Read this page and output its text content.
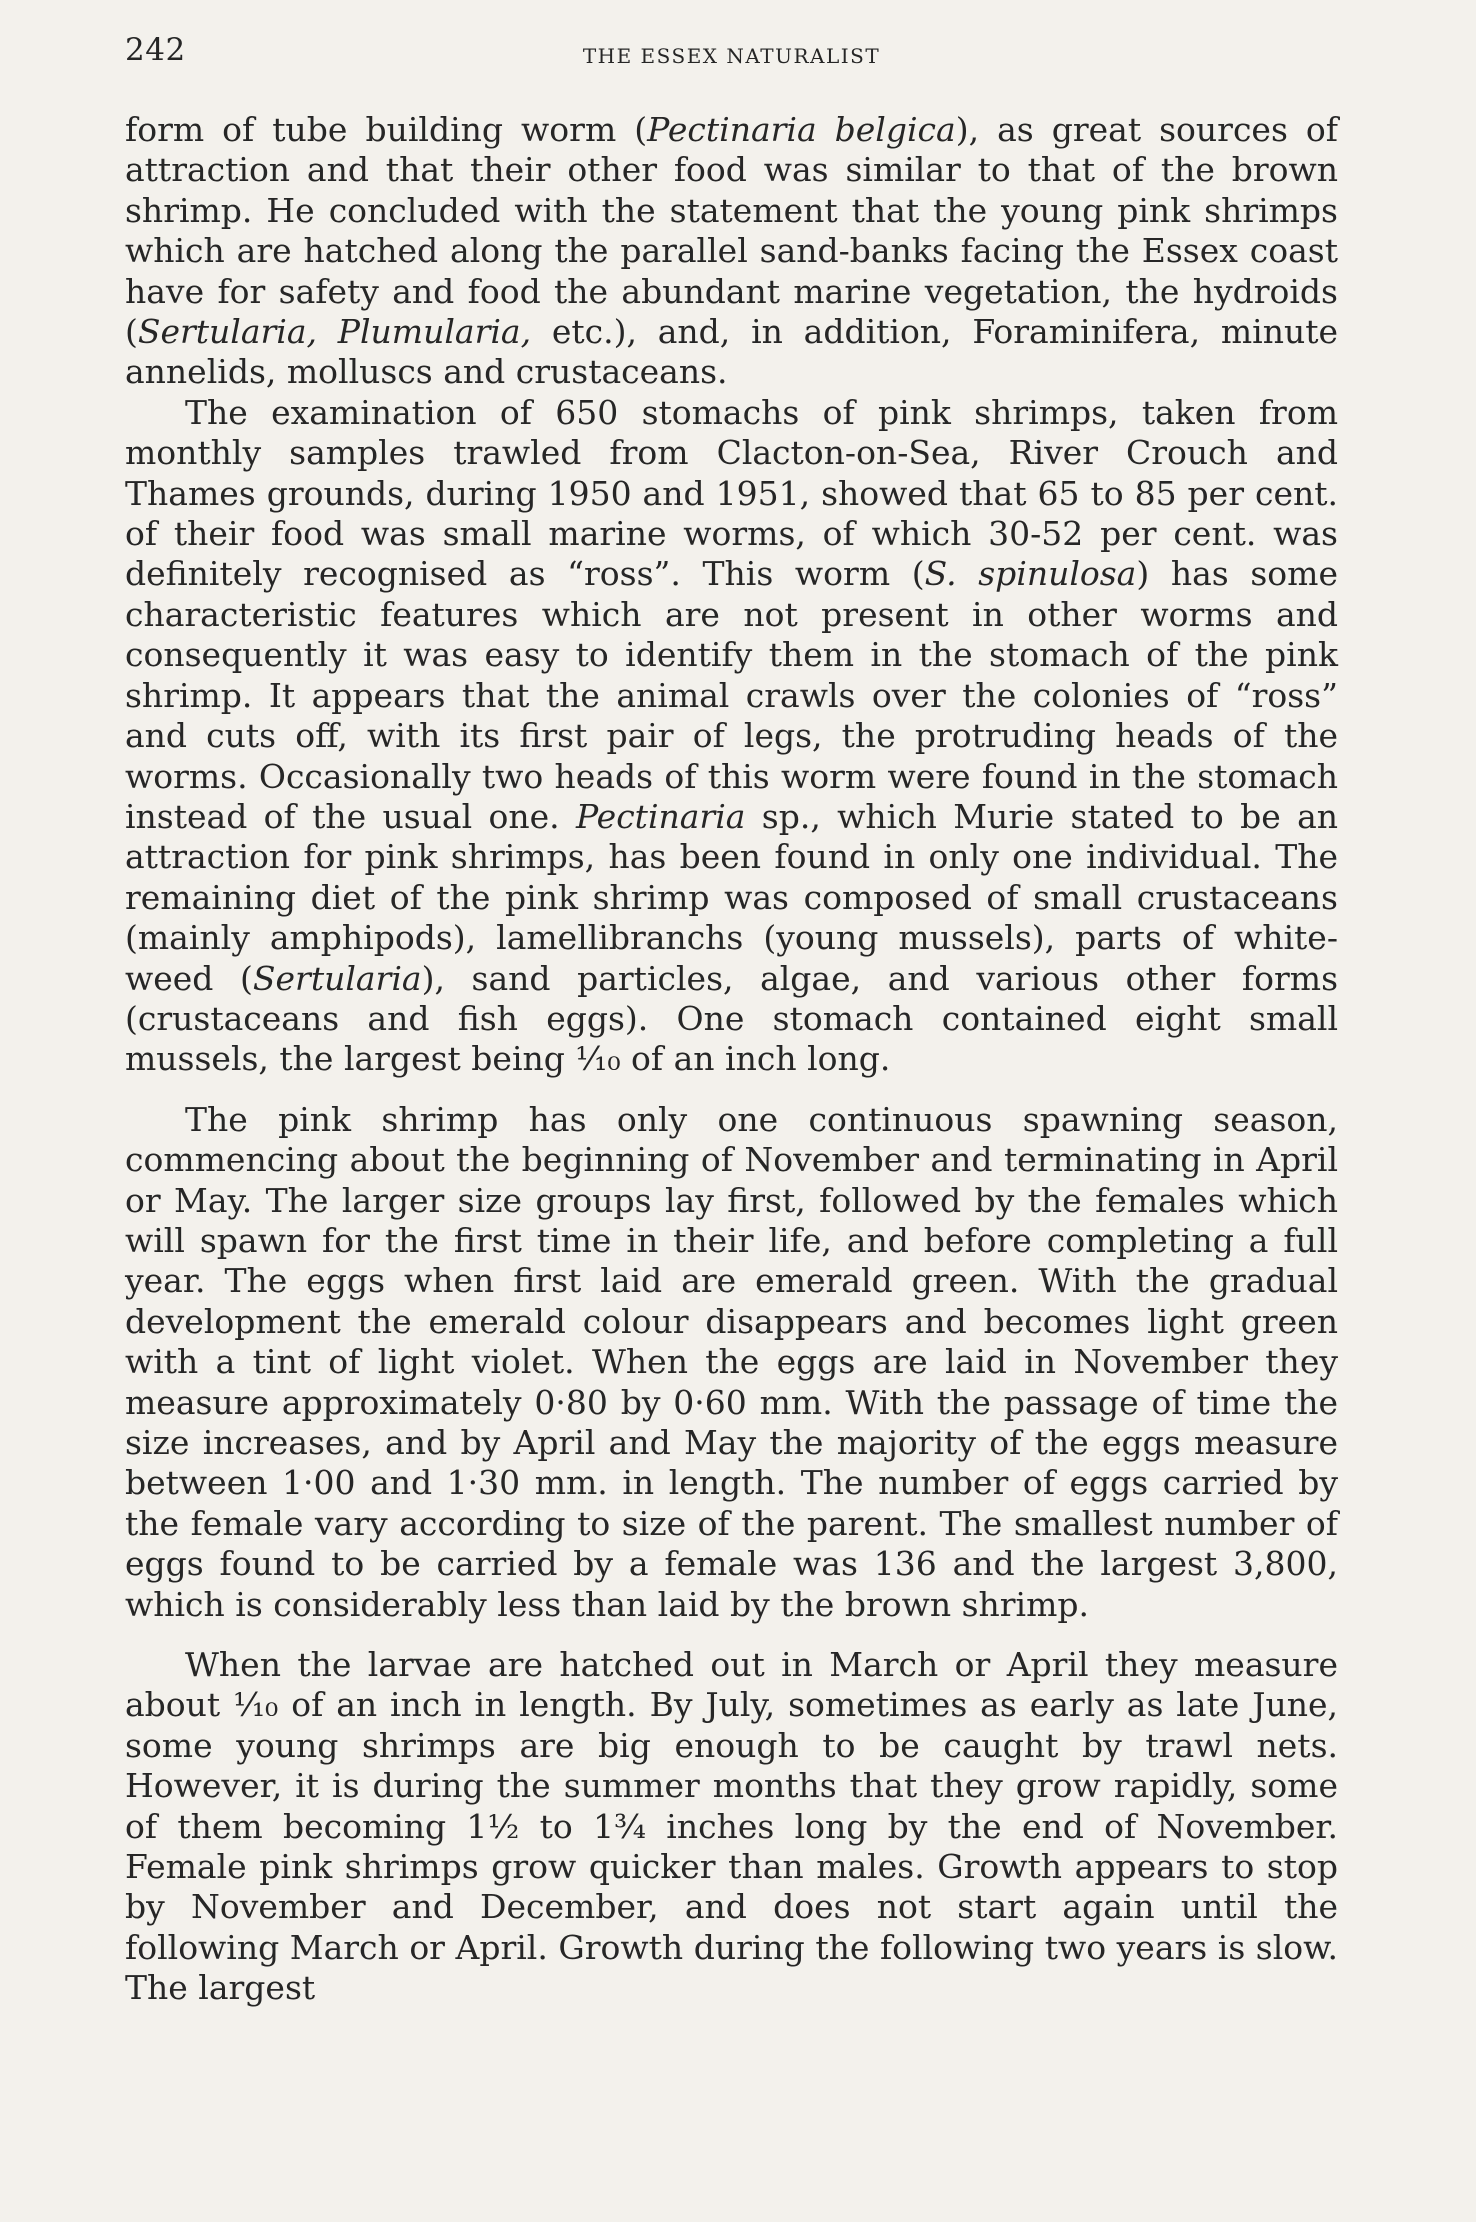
242	THE ESSEX NATURALIST

form of tube building worm (Pectinaria belgica), as great sources of attraction and that their other food was similar to that of the brown shrimp. He concluded with the statement that the young pink shrimps which are hatched along the parallel sand-banks facing the Essex coast have for safety and food the abundant marine vegetation, the hydroids (Sertularia, Plumularia, etc.), and, in addition, Foraminifera, minute annelids, molluscs and crustaceans.

The examination of 650 stomachs of pink shrimps, taken from monthly samples trawled from Clacton-on-Sea, River Crouch and Thames grounds, during 1950 and 1951, showed that 65 to 85 per cent. of their food was small marine worms, of which 30-52 per cent. was definitely recognised as “ross”. This worm (S. spinulosa) has some characteristic features which are not present in other worms and consequently it was easy to identify them in the stomach of the pink shrimp. It appears that the animal crawls over the colonies of “ross” and cuts off, with its first pair of legs, the protruding heads of the worms. Occasionally two heads of this worm were found in the stomach instead of the usual one. Pectinaria sp., which Murie stated to be an attraction for pink shrimps, has been found in only one individual. The remaining diet of the pink shrimp was composed of small crustaceans (mainly amphipods), lamellibranchs (young mussels), parts of white-weed (Sertularia), sand particles, algae, and various other forms (crustaceans and fish eggs). One stomach contained eight small mussels, the largest being ¹⁄₁₀ of an inch long.

The pink shrimp has only one continuous spawning season, commencing about the beginning of November and terminating in April or May. The larger size groups lay first, followed by the females which will spawn for the first time in their life, and before completing a full year. The eggs when first laid are emerald green. With the gradual development the emerald colour disappears and becomes light green with a tint of light violet. When the eggs are laid in November they measure approximately 0·80 by 0·60 mm. With the passage of time the size increases, and by April and May the majority of the eggs measure between 1·00 and 1·30 mm. in length. The number of eggs carried by the female vary according to size of the parent. The smallest number of eggs found to be carried by a female was 136 and the largest 3,800, which is considerably less than laid by the brown shrimp.

When the larvae are hatched out in March or April they measure about ¹⁄₁₀ of an inch in length. By July, sometimes as early as late June, some young shrimps are big enough to be caught by trawl nets. However, it is during the summer months that they grow rapidly, some of them becoming 1½ to 1¾ inches long by the end of November. Female pink shrimps grow quicker than males. Growth appears to stop by November and December, and does not start again until the following March or April. Growth during the following two years is slow. The largest
